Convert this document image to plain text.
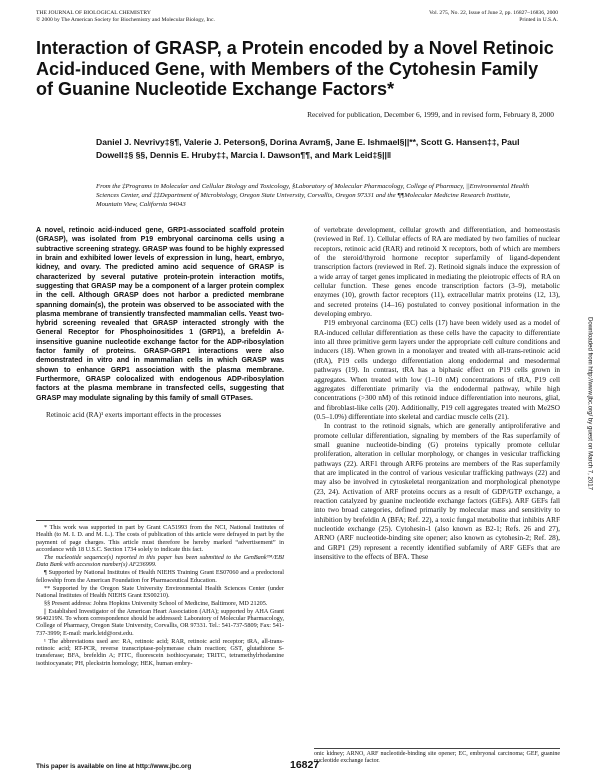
THE JOURNAL OF BIOLOGICAL CHEMISTRY
© 2000 by The American Society for Biochemistry and Molecular Biology, Inc.
Vol. 275, No. 22, Issue of June 2, pp. 16827–16836, 2000
Printed in U.S.A.
Interaction of GRASP, a Protein encoded by a Novel Retinoic Acid-induced Gene, with Members of the Cytohesin Family of Guanine Nucleotide Exchange Factors*
Received for publication, December 6, 1999, and in revised form, February 8, 2000
Daniel J. Nevrivy‡§¶, Valerie J. Peterson§, Dorina Avram§, Jane E. Ishmael§||**, Scott G. Hansen‡‡, Paul Dowell‡§ §§, Dennis E. Hruby‡‡, Marcia I. Dawson¶¶, and Mark Leid‡§||‖
From the ‡Programs in Molecular and Cellular Biology and Toxicology, §Laboratory of Molecular Pharmacology, College of Pharmacy, ||Environmental Health Sciences Center, and ‡‡Department of Microbiology, Oregon State University, Corvallis, Oregon 97331 and the ¶¶Molecular Medicine Research Institute, Mountain View, California 94043

A novel, retinoic acid-induced gene, GRP1-associated scaffold protein (GRASP), was isolated from P19 embryonal carcinoma cells using a subtractive screening strategy. GRASP was found to be highly expressed in brain and exhibited lower levels of expression in lung, heart, embryo, kidney, and ovary. The predicted amino acid sequence of GRASP is characterized by several putative protein-protein interaction motifs, suggesting that GRASP may be a component of a larger protein complex in the cell. Although GRASP does not harbor a predicted membrane spanning domain(s), the protein was observed to be associated with the plasma membrane of transiently transfected mammalian cells. Yeast two-hybrid screening revealed that GRASP interacted strongly with the General Receptor for Phosphoinositides 1 (GRP1), a brefeldin A-insensitive guanine nucleotide exchange factor for the ADP-ribosylation factor family of proteins. GRASP-GRP1 interactions were also demonstrated in vitro and in mammalian cells in which GRASP was shown to enhance GRP1 association with the plasma membrane. Furthermore, GRASP colocalized with endogenous ADP-ribosylation factors at the plasma membrane in transfected cells, suggesting that GRASP may modulate signaling by this family of small GTPases.

Retinoic acid (RA)¹ exerts important effects in the processes

* This work was supported in part by Grant CA51993 from the NCI, National Institutes of Health (to M. I. D. and M. L.). The costs of publication of this article were defrayed in part by the payment of page charges. This article must therefore be hereby marked “advertisement” in accordance with 18 U.S.C. Section 1734 solely to indicate this fact.

The nucleotide sequence(s) reported in this paper has been submitted to the GenBank™/EBI Data Bank with accession number(s) AF236999.

¶ Supported by National Institutes of Health NIEHS Training Grant ES07060 and a predoctoral fellowship from the American Foundation for Pharmaceutical Education.

** Supported by the Oregon State University Environmental Health Sciences Center (under National Institutes of Health NIEHS Grant ES00210).

§§ Present address: Johns Hopkins University School of Medicine, Baltimore, MD 21205.

|| Established Investigator of the American Heart Association (AHA); supported by AHA Grant 9640219N. To whom correspondence should be addressed: Laboratory of Molecular Pharmacology, College of Pharmacy, Oregon State University, Corvallis, OR 97331. Tel.: 541-737-5809; Fax: 541-737-3999; E-mail: mark.leid@orst.edu.

¹ The abbreviations used are: RA, retinoic acid; RAR, retinoic acid receptor; tRA, all-trans-retinoic acid; RT-PCR, reverse transcriptase-polymerase chain reaction; GST, glutathione S-transferase; BFA, brefeldin A; FITC, fluorescein isothiocyanate; TRITC, tetramethylrhodamine isothiocyanate; PH, pleckstrin homology; HEK, human embry-

of vertebrate development, cellular growth and differentiation, and homeostasis (reviewed in Ref. 1). Cellular effects of RA are mediated by two families of nuclear receptors, retinoic acid (RAR) and retinoid X receptors, both of which are members of the steroid/thyroid hormone receptor superfamily of ligand-dependent transcription factors (reviewed in Ref. 2). Retinoid signals induce the expression of a wide array of target genes implicated in mediating the pleiotropic effects of RA on cellular function. These genes encode transcription factors (3–9), metabolic enzymes (10), growth factor receptors (11), extracellular matrix proteins (12, 13), and secreted proteins (14–16) postulated to convey positional information in the developing embryo.

P19 embryonal carcinoma (EC) cells (17) have been widely used as a model of RA-induced cellular differentiation as these cells have the capacity to differentiate into all three primitive germ layers under the appropriate cell culture conditions and inducers (18). When grown in a monolayer and treated with all-trans-retinoic acid (tRA), P19 cells undergo differentiation along endodermal and mesodermal pathways (19). In contrast, tRA has a biphasic effect on P19 cells grown in aggregates. When treated with low (1–10 nM) concentrations of tRA, P19 cell aggregates differentiate primarily via the endodermal pathway, while high concentrations (>300 nM) of this retinoid induce differentiation into neurons, glial, and fibroblast-like cells (20). Additionally, P19 cell aggregates treated with Me2SO (0.5–1.0%) differentiate into skeletal and cardiac muscle cells (21).

In contrast to the retinoid signals, which are generally antiproliferative and promote cellular differentiation, signaling by members of the Ras superfamily of small guanine nucleotide-binding (G) proteins typically promote cellular proliferation, alteration in cellular morphology, or changes in vesicular trafficking pathways (22). ARF1 through ARF6 proteins are members of the Ras superfamily that are implicated in the control of various vesicular trafficking pathways (22) and may also be involved in cytoskeletal reorganization and morphological phenotype (23, 24). Activation of ARF proteins occurs as a result of GDP/GTP exchange, a reaction catalyzed by guanine nucleotide exchange factors (GEFs). ARF GEFs fall into two broad categories, defined primarily by molecular mass and sensitivity to inhibition by brefeldin A (BFA; Ref. 22), a toxic fungal metabolite that inhibits ARF nucleotide exchange (25). Cytohesin-1 (also known as B2-1; Refs. 26 and 27), ARNO (ARF nucleotide-binding site opener; also known as cytohesin-2; Ref. 28), and GRP1 (29) represent a recently identified subfamily of ARF GEFs that are insensitive to the effects of BFA. These

onic kidney; ARNO, ARF nucleotide-binding site opener; EC, embryonal carcinoma; GEF, guanine nucleotide exchange factor.
Downloaded from http://www.jbc.org/ by guest on March 7, 2017
This paper is available on line at http://www.jbc.org	16827
